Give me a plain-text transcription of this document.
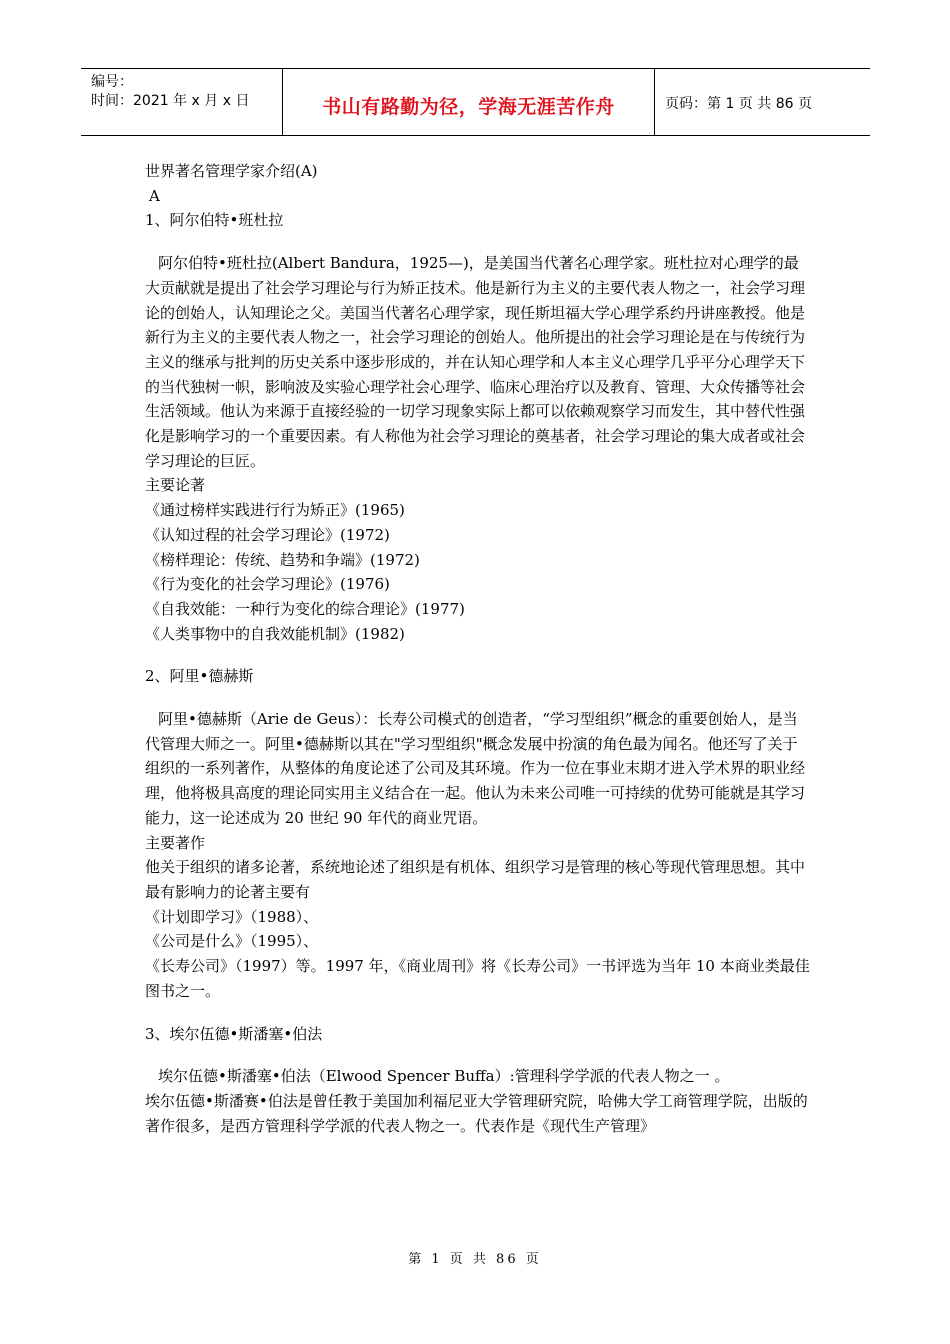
编号：
时间：2021 年 x 月 x 日	书山有路勤为径，学海无涯苦作舟	页码：第 1 页 共 86 页

世界著名管理学家介绍(A)

A

1、阿尔伯特•班杜拉

阿尔伯特•班杜拉(Albert Bandura，1925—)，是美国当代著名心理学家。班杜拉对心理学的最大贡献就是提出了社会学习理论与行为矫正技术。他是新行为主义的主要代表人物之一，社会学习理论的创始人，认知理论之父。美国当代著名心理学家，现任斯坦福大学心理学系约丹讲座教授。他是新行为主义的主要代表人物之一，社会学习理论的创始人。他所提出的社会学习理论是在与传统行为主义的继承与批判的历史关系中逐步形成的，并在认知心理学和人本主义心理学几乎平分心理学天下的当代独树一帜，影响波及实验心理学社会心理学、临床心理治疗以及教育、管理、大众传播等社会生活领域。他认为来源于直接经验的一切学习现象实际上都可以依赖观察学习而发生，其中替代性强化是影响学习的一个重要因素。有人称他为社会学习理论的奠基者，社会学习理论的集大成者或社会学习理论的巨匠。

主要论著

《通过榜样实践进行行为矫正》(1965)

《认知过程的社会学习理论》(1972)

《榜样理论：传统、趋势和争端》(1972)

《行为变化的社会学习理论》(1976)

《自我效能：一种行为变化的综合理论》(1977)

《人类事物中的自我效能机制》(1982)

2、阿里•德赫斯

阿里•德赫斯（Arie de Geus）：长寿公司模式的创造者，“学习型组织”概念的重要创始人，是当代管理大师之一。阿里•德赫斯以其在"学习型组织"概念发展中扮演的角色最为闻名。他还写了关于组织的一系列著作，从整体的角度论述了公司及其环境。作为一位在事业末期才进入学术界的职业经理，他将极具高度的理论同实用主义结合在一起。他认为未来公司唯一可持续的优势可能就是其学习能力，这一论述成为 20 世纪 90 年代的商业咒语。

主要著作

他关于组织的诸多论著，系统地论述了组织是有机体、组织学习是管理的核心等现代管理思想。其中最有影响力的论著主要有

《计划即学习》（1988）、

《公司是什么》（1995）、

《长寿公司》（1997）等。1997 年，《商业周刊》将《长寿公司》一书评选为当年 10 本商业类最佳图书之一。

3、埃尔伍德•斯潘塞•伯法

埃尔伍德•斯潘塞•伯法（Elwood Spencer Buffa）:管理科学学派的代表人物之一 。

埃尔伍德•斯潘赛•伯法是曾任教于美国加利福尼亚大学管理研究院，哈佛大学工商管理学院，出版的著作很多，是西方管理科学学派的代表人物之一。代表作是《现代生产管理》

第 1 页 共 86 页
